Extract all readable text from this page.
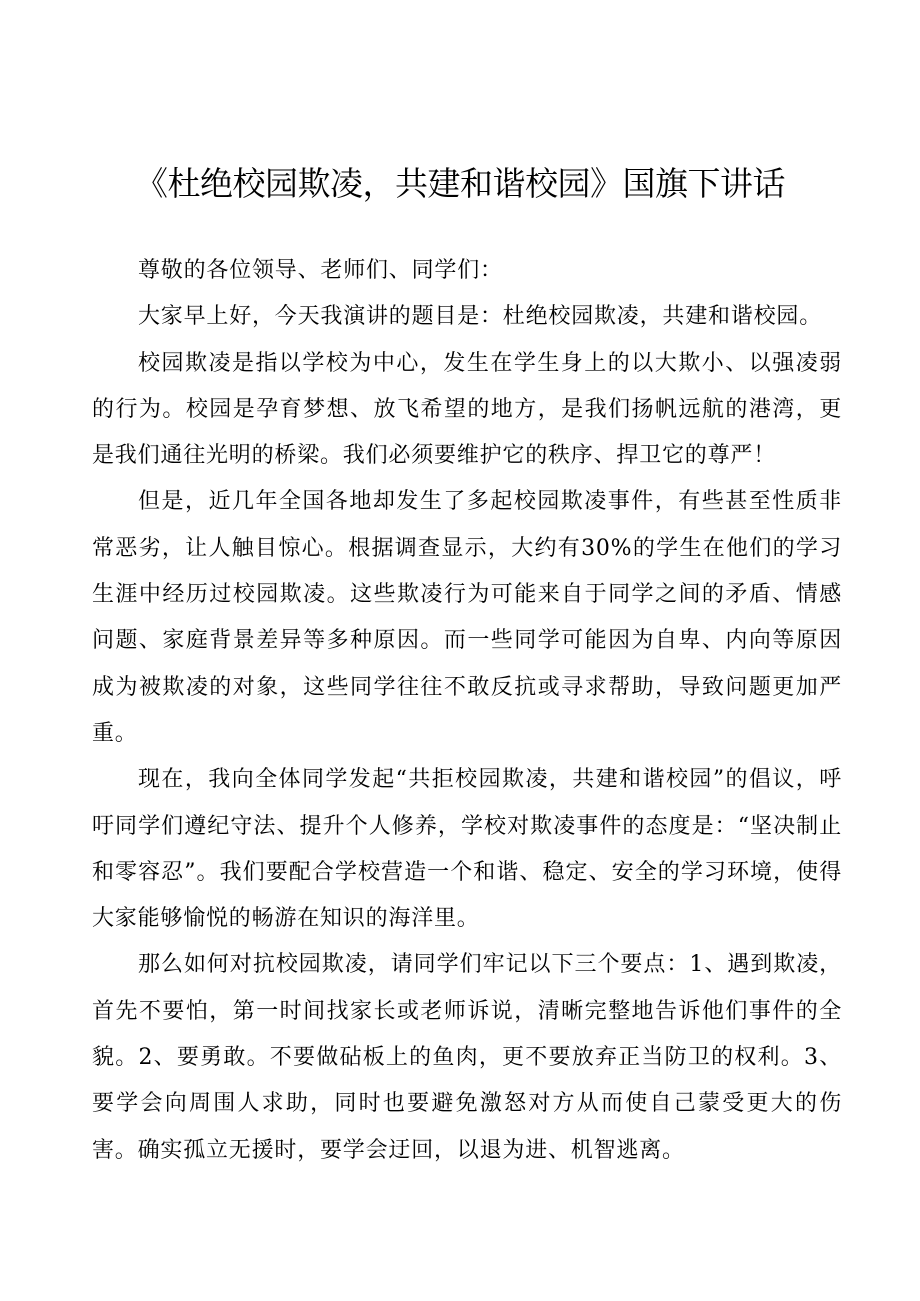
《杜绝校园欺凌，共建和谐校园》国旗下讲话

尊敬的各位领导、老师们、同学们：

大家早上好，今天我演讲的题目是：杜绝校园欺凌，共建和谐校园。

校园欺凌是指以学校为中心，发生在学生身上的以大欺小、以强凌弱的行为。校园是孕育梦想、放飞希望的地方，是我们扬帆远航的港湾，更是我们通往光明的桥梁。我们必须要维护它的秩序、捍卫它的尊严！

但是，近几年全国各地却发生了多起校园欺凌事件，有些甚至性质非常恶劣，让人触目惊心。根据调查显示，大约有30%的学生在他们的学习生涯中经历过校园欺凌。这些欺凌行为可能来自于同学之间的矛盾、情感问题、家庭背景差异等多种原因。而一些同学可能因为自卑、内向等原因成为被欺凌的对象，这些同学往往不敢反抗或寻求帮助，导致问题更加严重。

现在，我向全体同学发起“共拒校园欺凌，共建和谐校园”的倡议，呼吁同学们遵纪守法、提升个人修养，学校对欺凌事件的态度是：“坚决制止和零容忍”。我们要配合学校营造一个和谐、稳定、安全的学习环境，使得大家能够愉悦的畅游在知识的海洋里。

那么如何对抗校园欺凌，请同学们牢记以下三个要点：1、遇到欺凌，首先不要怕，第一时间找家长或老师诉说，清晰完整地告诉他们事件的全貌。2、要勇敢。不要做砧板上的鱼肉，更不要放弃正当防卫的权利。3、要学会向周围人求助，同时也要避免激怒对方从而使自己蒙受更大的伤害。确实孤立无援时，要学会迂回，以退为进、机智逃离。
